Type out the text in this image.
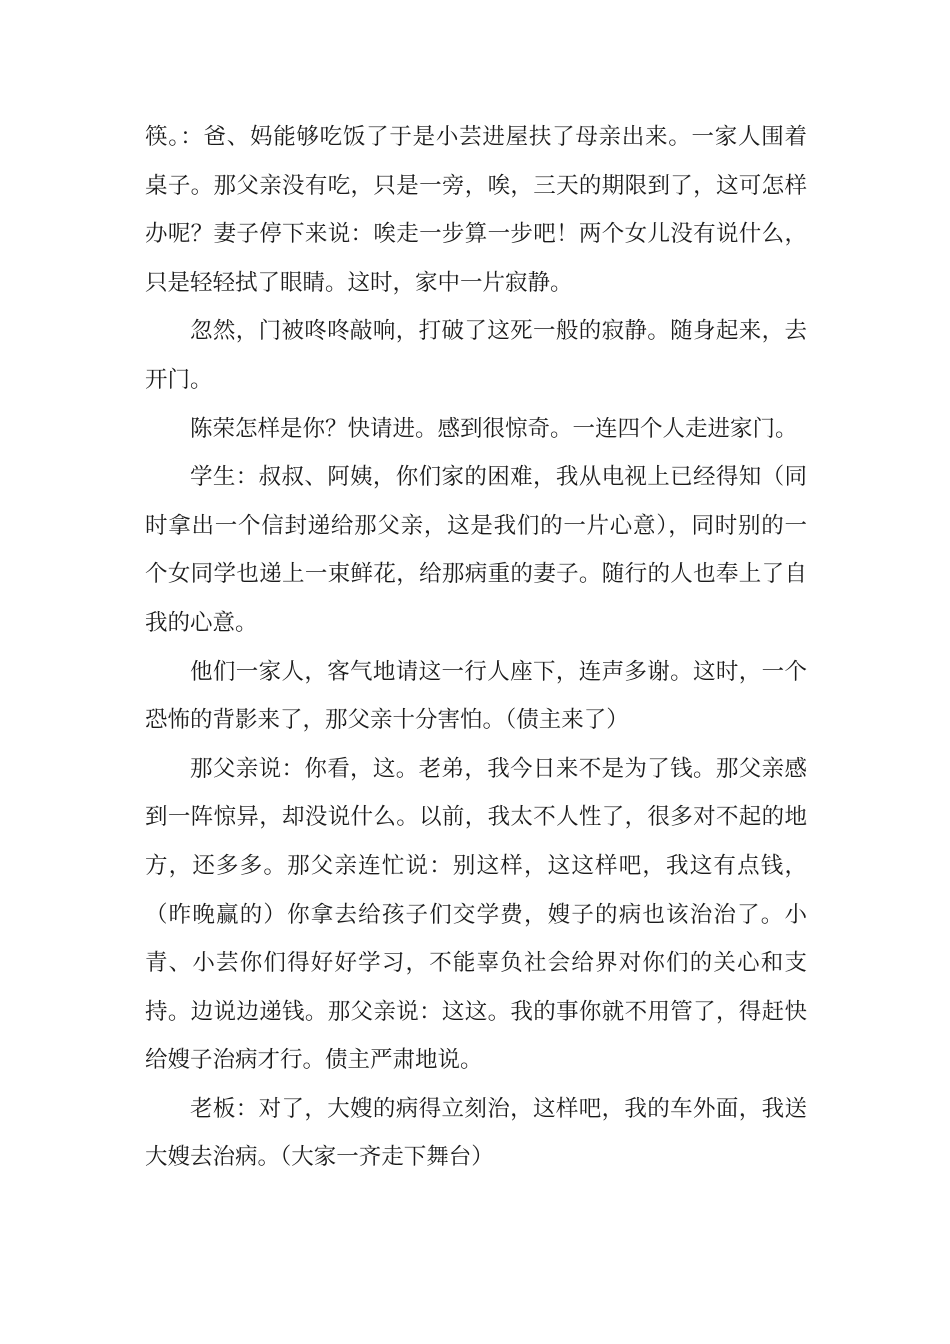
筷。：爸、妈能够吃饭了于是小芸进屋扶了母亲出来。一家人围着桌子。那父亲没有吃，只是一旁，唉，三天的期限到了，这可怎样办呢？妻子停下来说：唉走一步算一步吧！两个女儿没有说什么，只是轻轻拭了眼睛。这时，家中一片寂静。

忽然，门被咚咚敲响，打破了这死一般的寂静。随身起来，去开门。

陈荣怎样是你？快请进。感到很惊奇。一连四个人走进家门。

学生：叔叔、阿姨，你们家的困难，我从电视上已经得知（同时拿出一个信封递给那父亲，这是我们的一片心意），同时别的一个女同学也递上一束鲜花，给那病重的妻子。随行的人也奉上了自我的心意。

他们一家人，客气地请这一行人座下，连声多谢。这时，一个恐怖的背影来了，那父亲十分害怕。（债主来了）

那父亲说：你看，这。老弟，我今日来不是为了钱。那父亲感到一阵惊异，却没说什么。以前，我太不人性了，很多对不起的地方，还多多。那父亲连忙说：别这样，这这样吧，我这有点钱，（昨晚赢的）你拿去给孩子们交学费，嫂子的病也该治治了。小青、小芸你们得好好学习，不能辜负社会给界对你们的关心和支持。边说边递钱。那父亲说：这这。我的事你就不用管了，得赶快给嫂子治病才行。债主严肃地说。

老板：对了，大嫂的病得立刻治，这样吧，我的车外面，我送大嫂去治病。（大家一齐走下舞台）
